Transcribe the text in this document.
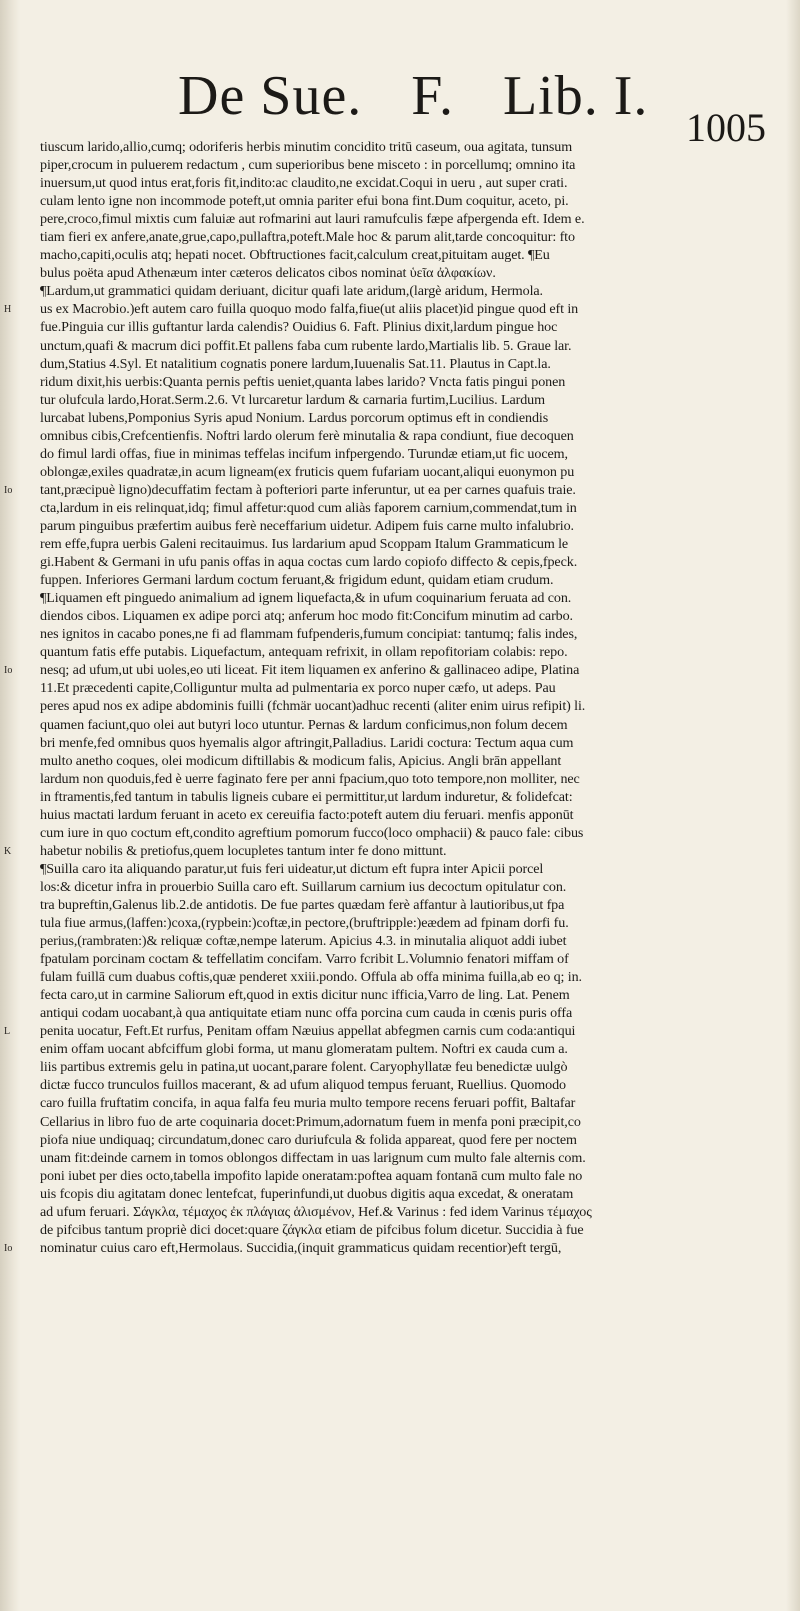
De Sue. F. Lib. I.
1005
tiuscum larido,allio,cumq; odoriferis herbis minutim concidito tritū caseum, oua agitata, tunsum
piper,crocum in puluerem redactum , cum superioribus bene misceto : in porcellumq; omnino ita
inuersum,ut quod intus erat,foris fit,indito:ac claudito,ne excidat.Coqui in ueru , aut super crati.
culam lento igne non incommode poteft,ut omnia pariter efui bona fint.Dum coquitur, aceto, pi.
pere,croco,fimul mixtis cum faluiæ aut rofmarini aut lauri ramufculis fæpe afpergenda eft. Idem e.
tiam fieri ex anfere,anate,grue,capo,pullaftra,poteft.Male hoc & parum alit,tarde concoquitur: fto
macho,capiti,oculis atq; hepati nocet. Obftructiones facit,calculum creat,pituitam auget. ¶Eu
bulus poëta apud Athenæum inter cæteros delicatos cibos nominat ὑεῖα ἀλφακίων.
¶Lardum,ut grammatici quidam deriuant, dicitur quafi late aridum,(largè aridum, Hermola.
us ex Macrobio.)eft autem caro fuilla quoquo modo falfa,fiue(ut aliis placet)id pingue quod eft in
fue.Pinguia cur illis guftantur larda calendis? Ouidius 6. Faft. Plinius dixit,lardum pingue hoc
unctum,quafi & macrum dici poffit.Et pallens faba cum rubente lardo,Martialis lib. 5. Graue lar.
dum,Statius 4.Syl. Et natalitium cognatis ponere lardum,Iuuenalis Sat.11. Plautus in Capt.la.
ridum dixit,his uerbis:Quanta pernis peftis ueniet,quanta labes larido? Vncta fatis pingui ponen
tur olufcula lardo,Horat.Serm.2.6. Vt lurcaretur lardum & carnaria furtim,Lucilius. Lardum
lurcabat lubens,Pomponius Syris apud Nonium. Lardus porcorum optimus eft in condiendis
omnibus cibis,Crefcentienfis. Noftri lardo olerum ferè minutalia & rapa condiunt, fiue decoquen
do fimul lardi offas, fiue in minimas teffelas incifum infpergendo. Turundæ etiam,ut fic uocem,
oblongæ,exiles quadratæ,in acum ligneam(ex fruticis quem fufariam uocant,aliqui euonymon pu
tant,præcipuè ligno)decuffatim fectam à pofteriori parte inferuntur, ut ea per carnes quafuis traie.
cta,lardum in eis relinquat,idq; fimul affetur:quod cum aliàs faporem carnium,commendat,tum in
parum pinguibus præfertim auibus ferè neceffarium uidetur. Adipem fuis carne multo infalubrio.
rem effe,fupra uerbis Galeni recitauimus. Ius lardarium apud Scoppam Italum Grammaticum le
gi.Habent & Germani in ufu panis offas in aqua coctas cum lardo copiofo diffecto & cepis,fpeck.
fuppen. Inferiores Germani lardum coctum feruant,& frigidum edunt, quidam etiam crudum.
¶Liquamen eft pinguedo animalium ad ignem liquefacta,& in ufum coquinarium feruata ad con.
diendos cibos. Liquamen ex adipe porci atq; anferum hoc modo fit:Concifum minutim ad carbo.
nes ignitos in cacabo pones,ne fi ad flammam fufpenderis,fumum concipiat: tantumq; falis indes,
quantum fatis effe putabis. Liquefactum, antequam refrixit, in ollam repofitoriam colabis: repo.
nesq; ad ufum,ut ubi uoles,eo uti liceat. Fit item liquamen ex anferino & gallinaceo adipe, Platina
11.Et præcedenti capite,Colliguntur multa ad pulmentaria ex porco nuper cæfo, ut adeps. Pau
peres apud nos ex adipe abdominis fuilli (fchmär uocant)adhuc recenti (aliter enim uirus refipit) li.
quamen faciunt,quo olei aut butyri loco utuntur. Pernas & lardum conficimus,non folum decem
bri menfe,fed omnibus quos hyemalis algor aftringit,Palladius. Laridi coctura: Tectum aqua cum
multo anetho coques, olei modicum diftillabis & modicum falis, Apicius. Angli brān appellant
lardum non quoduis,fed è uerre faginato fere per anni fpacium,quo toto tempore,non molliter, nec
in ftramentis,fed tantum in tabulis ligneis cubare ei permittitur,ut lardum induretur, & folidefcat:
huius mactati lardum feruant in aceto ex cereuifia facto:poteft autem diu feruari. menfis apponūt
cum iure in quo coctum eft,condito agreftium pomorum fucco(loco omphacii) & pauco fale: cibus
habetur nobilis & pretiofus,quem locupletes tantum inter fe dono mittunt.
¶Suilla caro ita aliquando paratur,ut fuis feri uideatur,ut dictum eft fupra inter Apicii porcel
los:& dicetur infra in prouerbio Suilla caro eft. Suillarum carnium ius decoctum opitulatur con.
tra bupreftin,Galenus lib.2.de antidotis. De fue partes quædam ferè affantur à lautioribus,ut fpa
tula fiue armus,(laffen:)coxa,(rypbein:)coftæ,in pectore,(bruftripple:)eædem ad fpinam dorfi fu.
perius,(rambraten:)& reliquæ coftæ,nempe laterum. Apicius 4.3. in minutalia aliquot addi iubet
fpatulam porcinam coctam & teffellatim concifam. Varro fcribit L.Volumnio fenatori miffam of
fulam fuillā cum duabus coftis,quæ penderet xxiii.pondo. Offula ab offa minima fuilla,ab eo q; in.
fecta caro,ut in carmine Saliorum eft,quod in extis dicitur nunc ifficia,Varro de ling. Lat. Penem
antiqui codam uocabant,à qua antiquitate etiam nunc offa porcina cum cauda in cœnis puris offa
penita uocatur, Feft.Et rurfus, Penitam offam Næuius appellat abfegmen carnis cum coda:antiqui
enim offam uocant abfciffum globi forma, ut manu glomeratam pultem. Noftri ex cauda cum a.
liis partibus extremis gelu in patina,ut uocant,parare folent. Caryophyllatæ feu benedictæ uulgò
dictæ fucco trunculos fuillos macerant, & ad ufum aliquod tempus feruant, Ruellius. Quomodo
caro fuilla fruftatim concifa, in aqua falfa feu muria multo tempore recens feruari poffit, Baltafar
Cellarius in libro fuo de arte coquinaria docet:Primum,adornatum fuem in menfa poni præcipit,co
piofa niue undiquaq; circundatum,donec caro duriufcula & folida appareat, quod fere per noctem
unam fit:deinde carnem in tomos oblongos diffectam in uas larignum cum multo fale alternis com.
poni iubet per dies octo,tabella impofito lapide oneratam:poftea aquam fontanā cum multo fale no
uis fcopis diu agitatam donec lentefcat, fuperinfundi,ut duobus digitis aqua excedat, & oneratam
ad ufum feruari. Σάγκλα, τέμαχος ἐκ πλάγιας ἁλισμένον, Hef.& Varinus : fed idem Varinus τέμαχος
de pifcibus tantum propriè dici docet:quare ζάγκλα etiam de pifcibus folum dicetur. Succidia à fue
nominatur cuius caro eft,Hermolaus. Succidia,(inquit grammaticus quidam recentior)eft tergū,
H
Io
Io
K
L
Io
